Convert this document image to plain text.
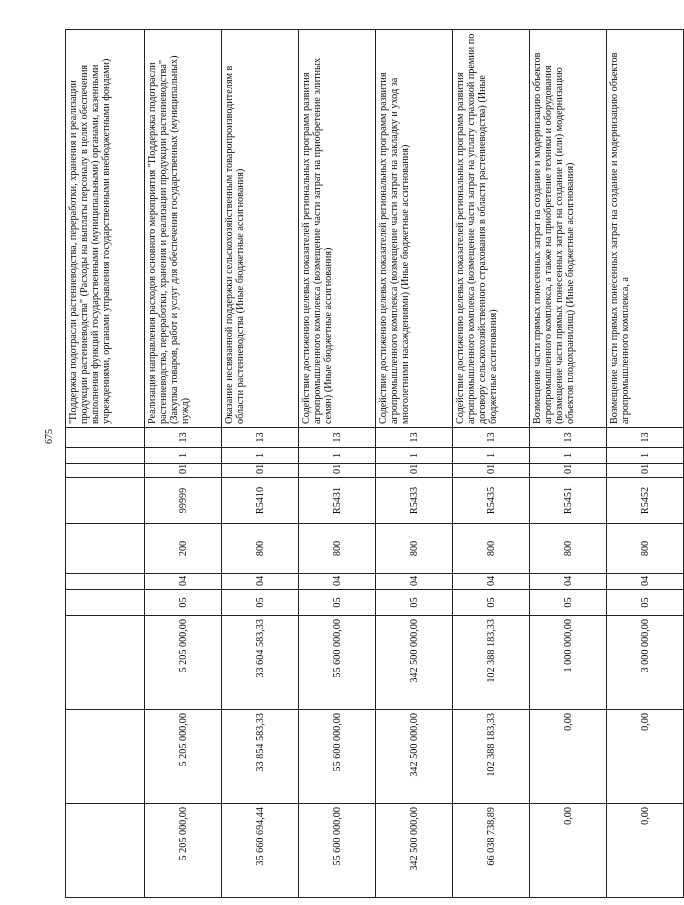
675
										"Поддержка подотрасли растениеводства, переработки, хранения и реализации продукции растениеводства" (Расходы на выплаты персоналу в целях обеспечения выполнения функций государственными (муниципальными) органами, казенными учреждениями, органами управления государственными внебюджетными фондами)
5 205 000,00	5 205 000,00	5 205 000,00	05	04	200	99999	01	1	13	Реализация направления расходов основного мероприятия "Поддержка подотрасли растениеводства, переработки, хранения и реализации продукции растениеводства" (Закупка товаров, работ и услуг для обеспечения государственных (муниципальных) нужд)
35 660 694,44	33 854 583,33	33 604 583,33	05	04	800	R5410	01	1	13	Оказание несвязанной поддержки сельскохозяйственным товаропроизводителям в области растениеводства (Иные бюджетные ассигнования)
55 600 000,00	55 600 000,00	55 600 000,00	05	04	800	R5431	01	1	13	Содействие достижению целевых показателей региональных программ развития агропромышленного комплекса (возмещение части затрат на приобретение элитных семян) (Иные бюджетные ассигнования)
342 500 000,00	342 500 000,00	342 500 000,00	05	04	800	R5433	01	1	13	Содействие достижению целевых показателей региональных программ развития агропромышленного комплекса (возмещение части затрат на закладку и уход за многолетними насаждениями) (Иные бюджетные ассигнования)
66 038 738,89	102 388 183,33	102 388 183,33	05	04	800	R5435	01	1	13	Содействие достижению целевых показателей региональных программ развития агропромышленного комплекса (возмещение части затрат на уплату страховой премии по договору сельскохозяйственного страхования в области растениеводства) (Иные бюджетные ассигнования)
0,00	0,00	1 000 000,00	05	04	800	R5451	01	1	13	Возмещение части прямых понесенных затрат на создание и модернизацию объектов агропромышленного комплекса, а также на приобретение техники и оборудования (возмещение части прямых понесенных затрат на создание и (или) модернизацию объектов плодохранилищ) (Иные бюджетные ассигнования)
0,00	0,00	3 000 000,00	05	04	800	R5452	01	1	13	Возмещение части прямых понесенных затрат на создание и модернизацию объектов агропромышленного комплекса, а
